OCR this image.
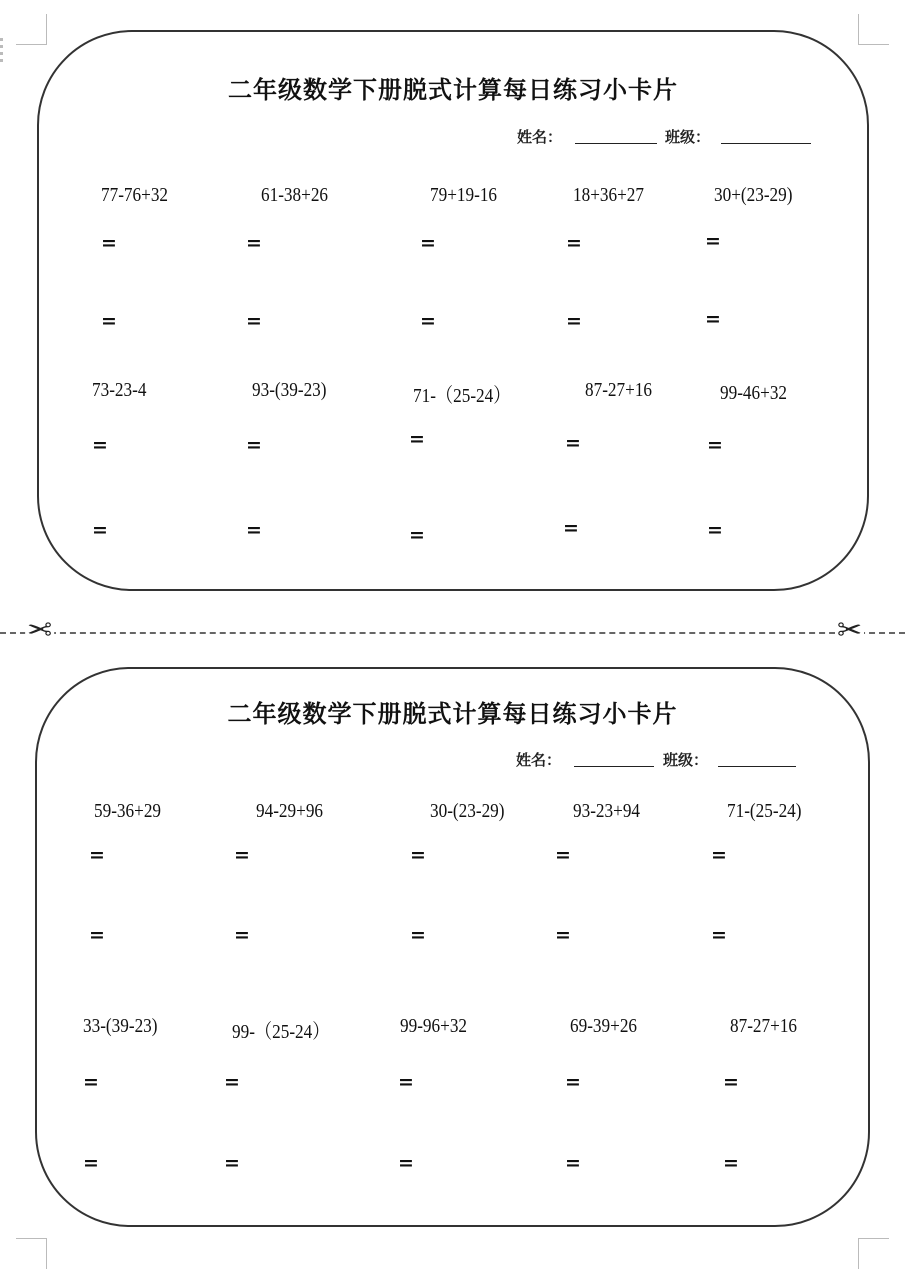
二年级数学下册脱式计算每日练习小卡片
姓名：	班级：
77-76+32	61-38+26	79+19-16	18+36+27	30+(23-29)
=	=	=	=	=
=	=	=	=	=
73-23-4	93-(39-23)	71-（25-24）	87-27+16	99-46+32
=	=	=	=	=
=	=	=	=	=
✂	✂
二年级数学下册脱式计算每日练习小卡片
姓名：	班级：
59-36+29	94-29+96	30-(23-29)	93-23+94	71-(25-24)
=	=	=	=	=
=	=	=	=	=
33-(39-23)	99-（25-24）	99-96+32	69-39+26	87-27+16
=	=	=	=	=
=	=	=	=	=
